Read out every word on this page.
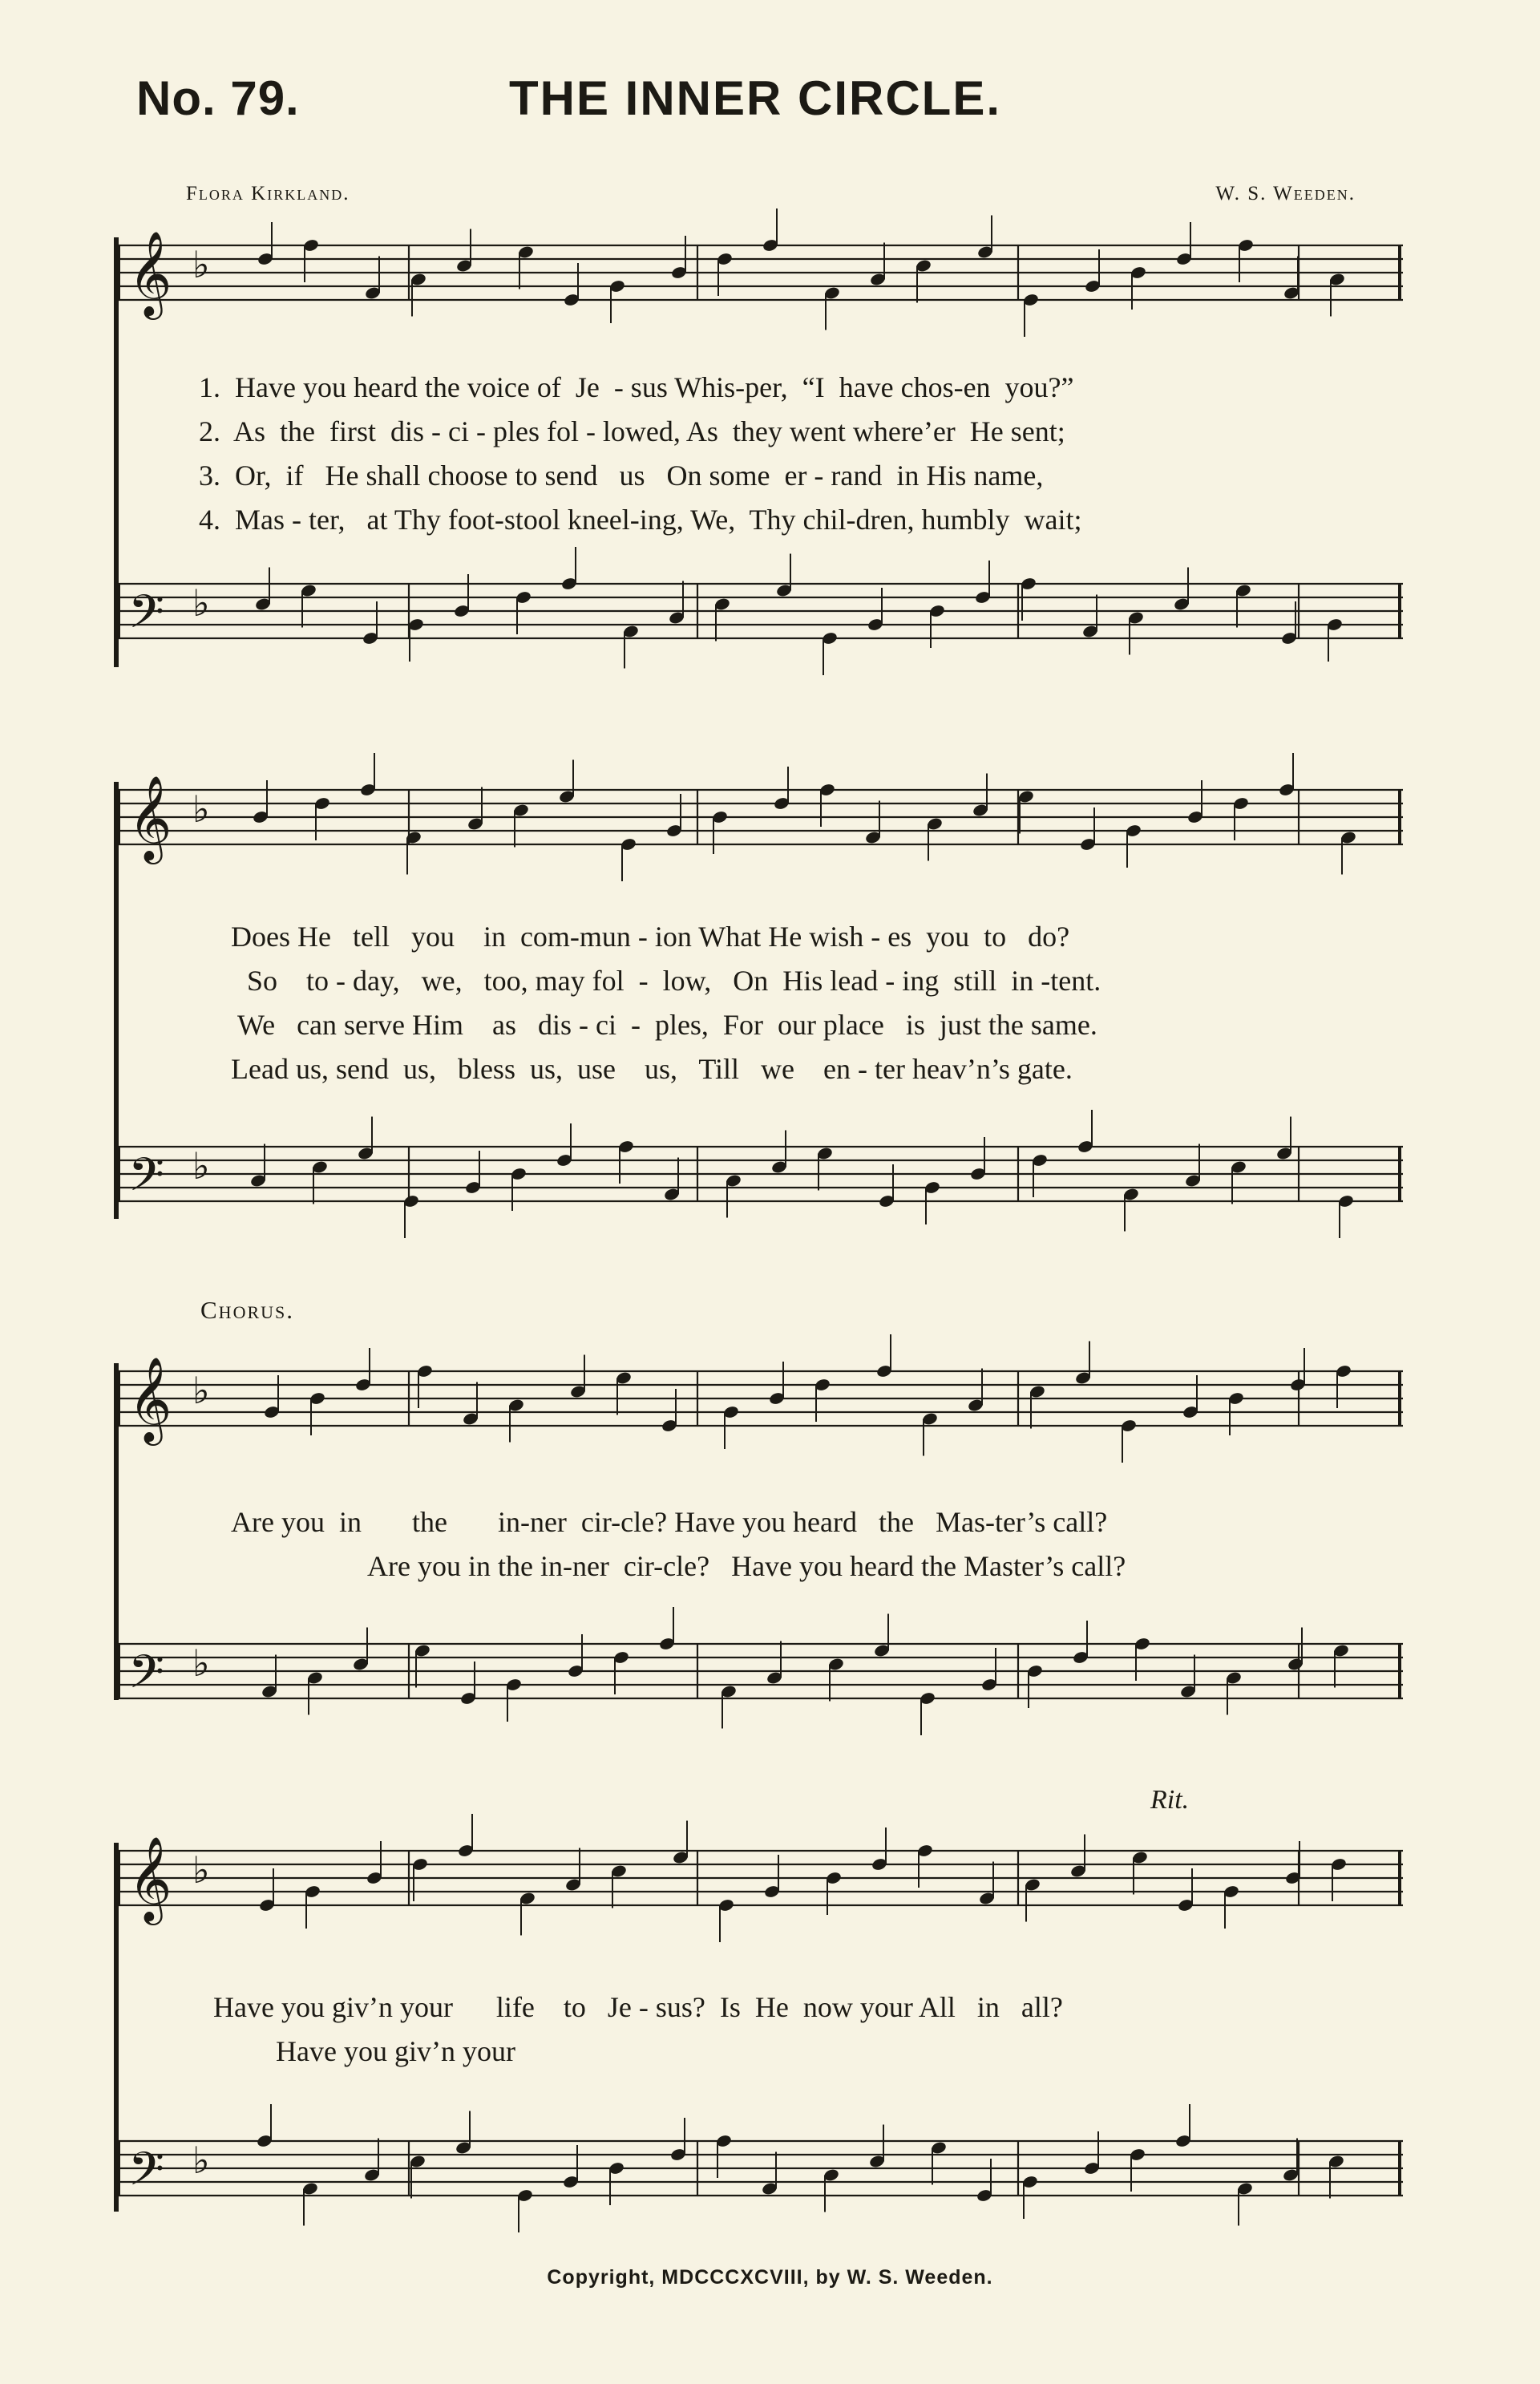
No. 79.	THE INNER CIRCLE.
Flora Kirkland.	W. S. Weeden.
𝄞 ♭
𝄢 ♭
1.  Have you heard the voice of  Je  - sus Whis-per,  “I  have chos-en  you?”
2.  As  the  first  dis - ci - ples fol - lowed, As  they went where’er  He sent;
3.  Or,  if   He shall choose to send   us   On some  er - rand  in His name,
4.  Mas - ter,   at Thy foot-stool kneel-ing, We,  Thy chil-dren, humbly  wait;
𝄞 ♭
𝄢 ♭
Does He   tell   you    in  com-mun - ion What He wish - es  you  to   do?
So    to - day,   we,   too, may fol  -  low,   On  His lead - ing  still  in -tent.
We   can serve Him    as   dis - ci  -  ples,  For  our place   is  just the same.
Lead us, send  us,   bless  us,  use    us,   Till   we    en - ter heav’n’s gate.
Chorus.
𝄞 ♭
𝄢 ♭
Are you  in       the       in-ner  cir-cle? Have you heard   the   Mas-ter’s call?
Are you in the in-ner  cir-cle?   Have you heard the Master’s call?
Rit.
𝄞 ♭
𝄢 ♭
Have you giv’n your      life    to   Je - sus?  Is  He  now your All   in   all?
Have you giv’n your
Copyright, MDCCCXCVIII, by W. S. Weeden.
